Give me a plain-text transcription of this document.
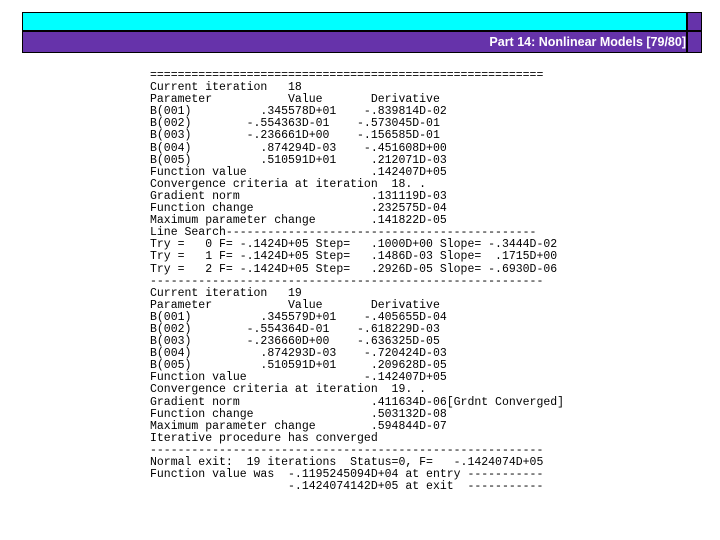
Part 14: Nonlinear Models [79/80]
=========================================================
Current iteration   18
Parameter           Value       Derivative
B(001)          .345578D+01    -.839814D-02
B(002)        -.554363D-01    -.573045D-01
B(003)        -.236661D+00    -.156585D-01
B(004)          .874294D-03    -.451608D+00
B(005)          .510591D+01     .212071D-03
Function value                  .142407D+05
Convergence criteria at iteration  18. .
Gradient norm                   .131119D-03
Function change                 .232575D-04
Maximum parameter change        .141822D-05
Line Search---------------------------------------------
Try =   0 F= -.1424D+05 Step=   .1000D+00 Slope= -.3444D-02
Try =   1 F= -.1424D+05 Step=   .1486D-03 Slope=  .1715D+00
Try =   2 F= -.1424D+05 Step=   .2926D-05 Slope= -.6930D-06
---------------------------------------------------------
Current iteration   19
Parameter           Value       Derivative
B(001)          .345579D+01    -.405655D-04
B(002)        -.554364D-01    -.618229D-03
B(003)        -.236660D+00    -.636325D-05
B(004)          .874293D-03    -.720424D-03
B(005)          .510591D+01     .209628D-05
Function value                 -.142407D+05
Convergence criteria at iteration  19. .
Gradient norm                   .411634D-06[Grdnt Converged]
Function change                 .503132D-08
Maximum parameter change        .594844D-07
Iterative procedure has converged
---------------------------------------------------------
Normal exit:  19 iterations  Status=0, F=   -.1424074D+05
Function value was  -.1195245094D+04 at entry -----------
-.1424074142D+05 at exit  -----------
